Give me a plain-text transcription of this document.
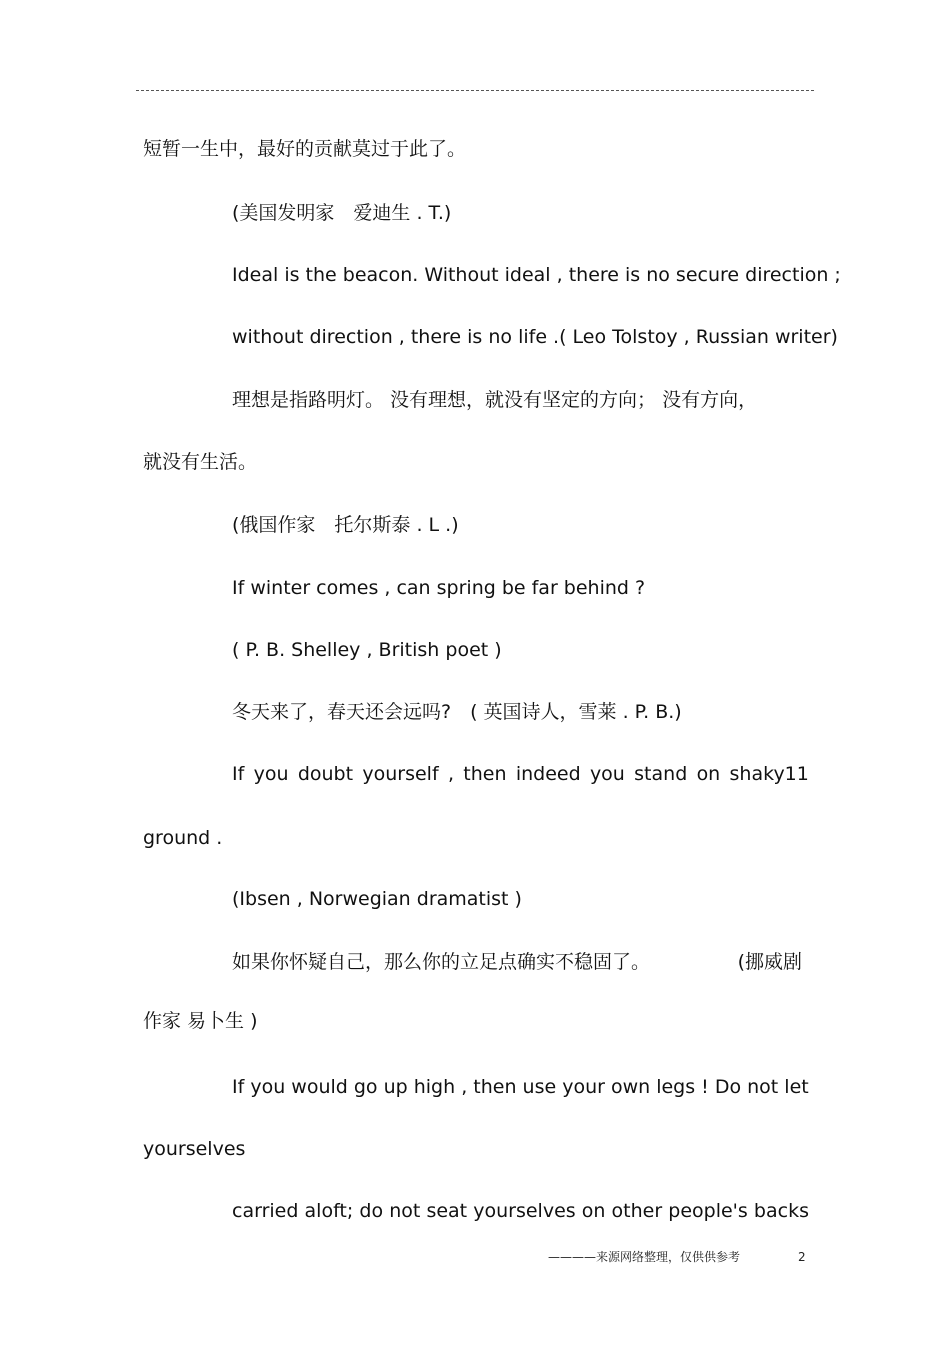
短暂一生中，最好的贡献莫过于此了。
(美国发明家　爱迪生 . T.)
Ideal is the beacon. Without ideal , there is no secure direction ;
without direction , there is no life .( Leo Tolstoy , Russian writer)
理想是指路明灯。 没有理想，就没有坚定的方向； 没有方向，
就没有生活。
(俄国作家　托尔斯泰 . L .)
If winter comes , can spring be far behind ?
( P. B. Shelley , British poet )
冬天来了，春天还会远吗?　( 英国诗人，雪莱 . P. B.)
If you doubt yourself , then indeed you stand on shaky11
ground .
(Ibsen , Norwegian dramatist )
如果你怀疑自己，那么你的立足点确实不稳固了。	(挪威剧
作家 易卜生 )
If you would go up high , then use your own legs ! Do not let
yourselves
carried aloft; do not seat yourselves on other people's backs
————来源网络整理，仅供供参考	2
